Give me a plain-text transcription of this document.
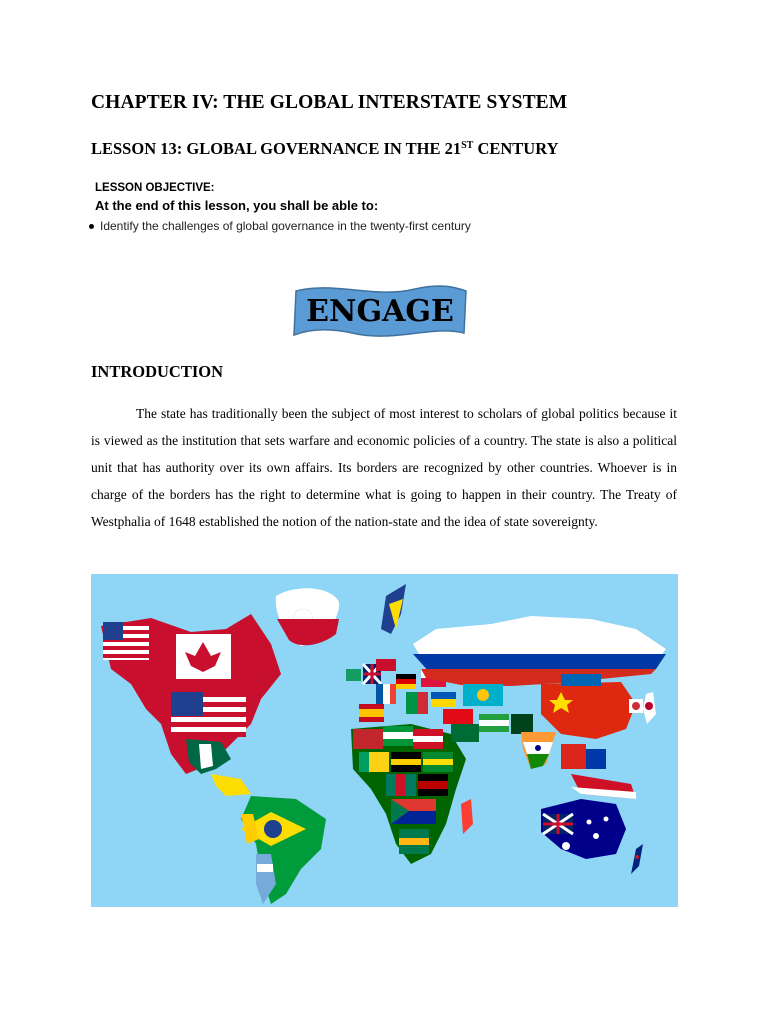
CHAPTER IV: THE GLOBAL INTERSTATE SYSTEM
LESSON 13: GLOBAL GOVERNANCE IN THE 21ST CENTURY
LESSON OBJECTIVE:
At the end of this lesson, you shall be able to:
Identify the challenges of global governance in the twenty-first century
ENGAGE
INTRODUCTION

The state has traditionally been the subject of most interest to scholars of global politics because it is viewed as the institution that sets warfare and economic policies of a country. The state is also a political unit that has authority over its own affairs. Its borders are recognized by other countries. Whoever is in charge of the borders has the right to determine what is going to happen in their country. The Treaty of Westphalia of 1648 established the notion of the nation-state and the idea of state sovereignty.
